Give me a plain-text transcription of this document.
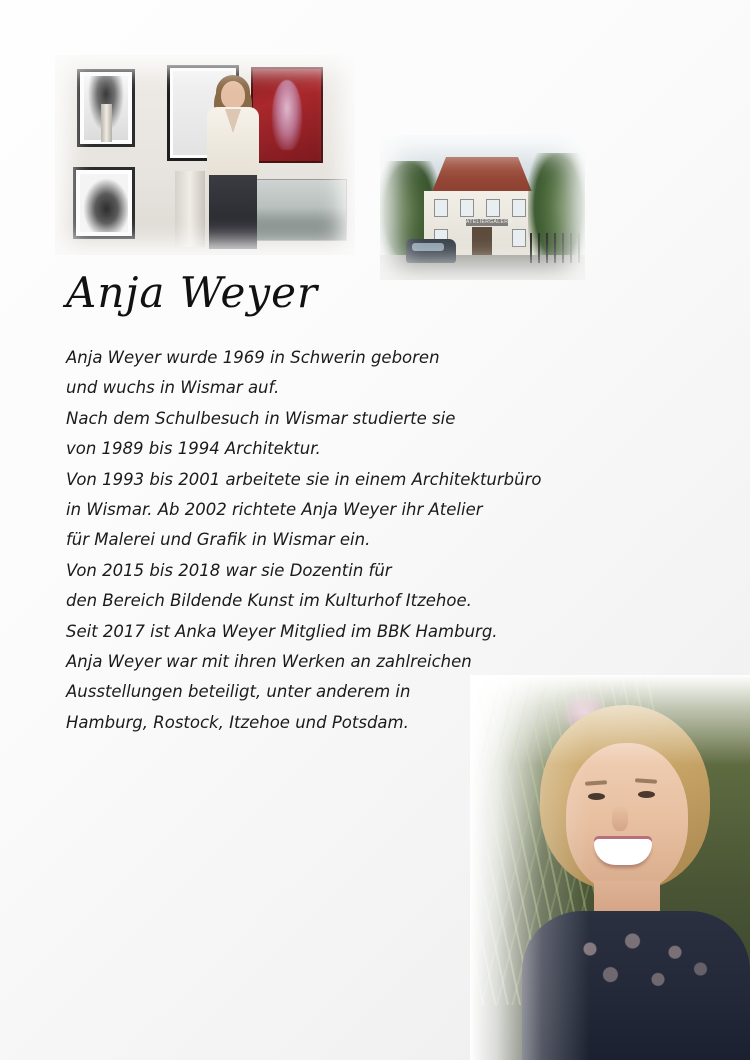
ATELIERGALERIE
Anja Weyer
Anja Weyer wurde 1969 in Schwerin geboren
und wuchs in Wismar auf.
Nach dem Schulbesuch in Wismar studierte sie
von 1989 bis 1994 Architektur.
Von 1993 bis 2001 arbeitete sie in einem Architekturbüro
in Wismar. Ab 2002 richtete Anja Weyer ihr Atelier
für Malerei und Grafik in Wismar ein.
Von 2015 bis 2018 war sie Dozentin für
den Bereich Bildende Kunst im Kulturhof Itzehoe.
Seit 2017 ist Anka Weyer Mitglied im BBK Hamburg.
Anja Weyer war mit ihren Werken an zahlreichen
Ausstellungen beteiligt, unter anderem in
Hamburg, Rostock, Itzehoe und Potsdam.
